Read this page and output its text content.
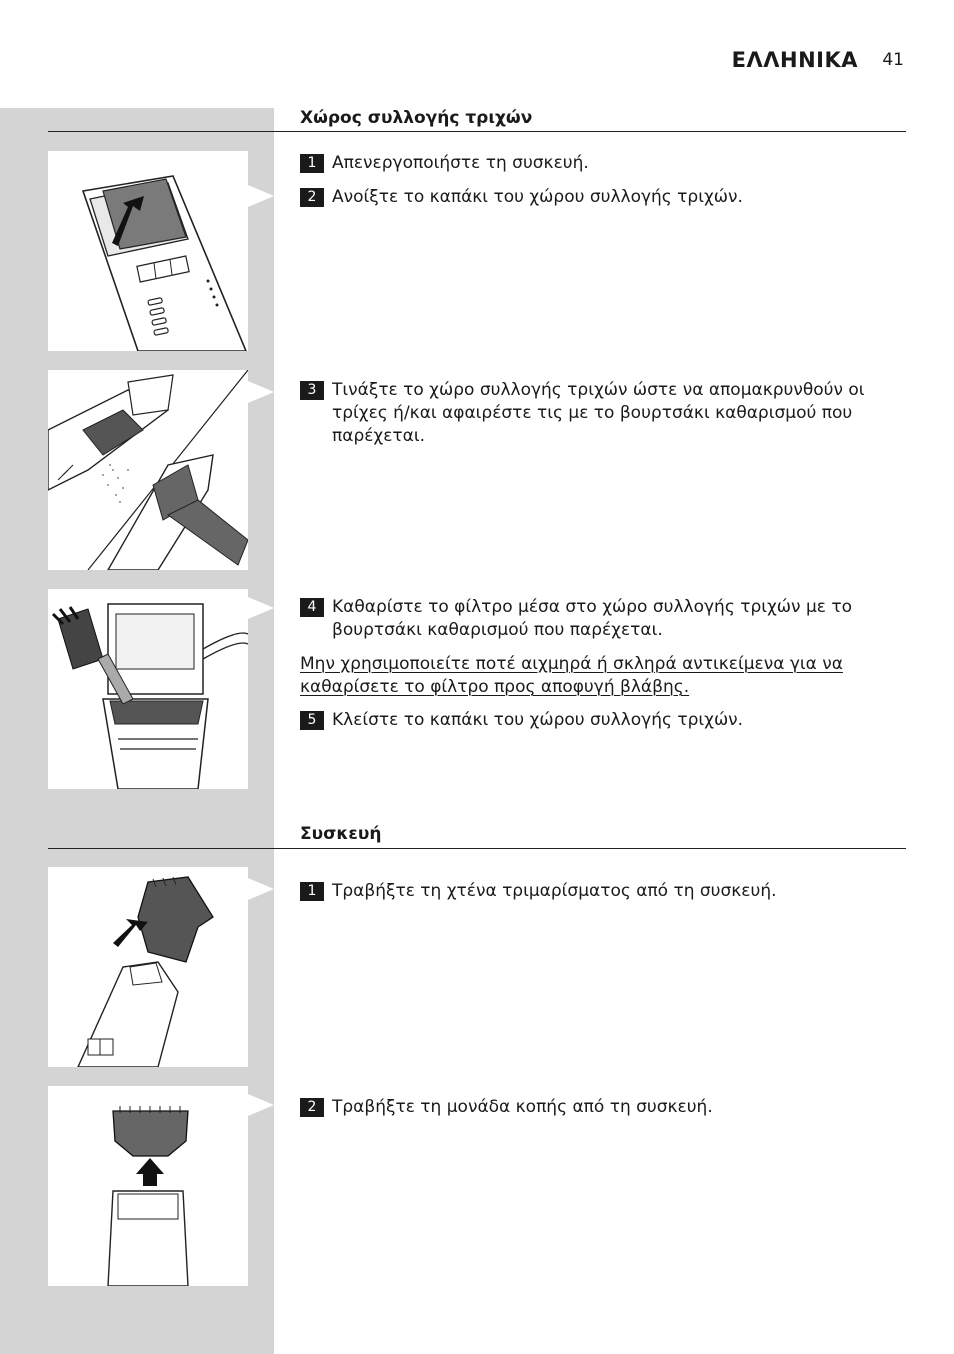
ΕΛΛΗΝΙΚΑ 41
Χώρος συλλογής τριχών
1 Απενεργοποιήστε τη συσκευή.
2 Ανοίξτε το καπάκι του χώρου συλλογής τριχών.
3 Τινάξτε το χώρο συλλογής τριχών ώστε να απομακρυνθούν οι τρίχες ή/και αφαιρέστε τις με το βουρτσάκι καθαρισμού που παρέχεται.
4 Καθαρίστε το φίλτρο μέσα στο χώρο συλλογής τριχών με το βουρτσάκι καθαρισμού που παρέχεται.
Μην χρησιμοποιείτε ποτέ αιχμηρά ή σκληρά αντικείμενα για να καθαρίσετε το φίλτρο προς αποφυγή βλάβης.
5 Κλείστε το καπάκι του χώρου συλλογής τριχών.
Συσκευή
1 Τραβήξτε τη χτένα τριμαρίσματος από τη συσκευή.
2 Τραβήξτε τη μονάδα κοπής από τη συσκευή.
